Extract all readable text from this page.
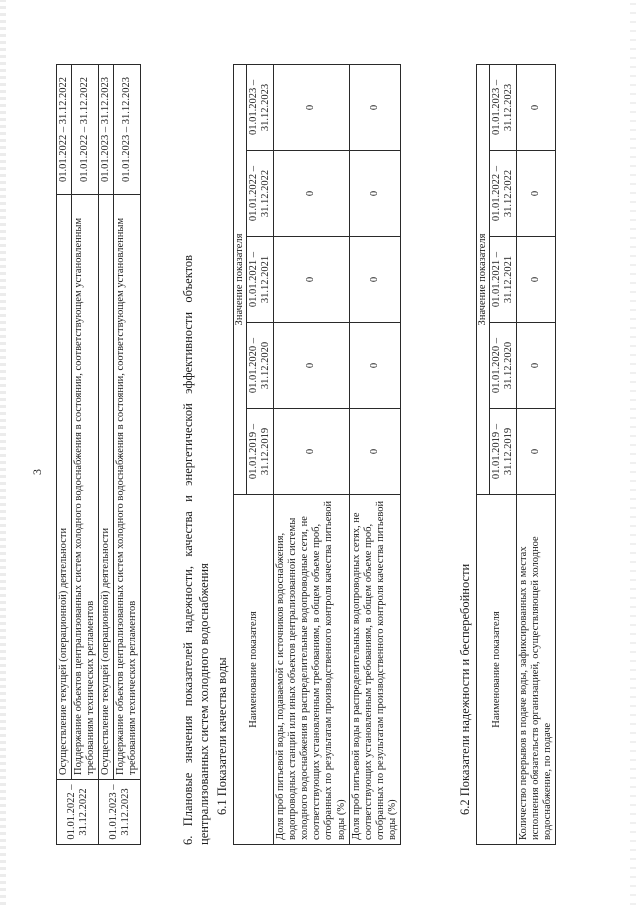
3
01.01.2022 – 31.12.2022	Осуществление текущей (операционной) деятельности	01.01.2022 – 31.12.2022
	Поддержание объектов централизованных систем холодного водоснабжения в состоянии, соответствующем установленным требованиям технических регламентов	01.01.2022 – 31.12.2022
01.01.2023 – 31.12.2023	Осуществление текущей (операционной) деятельности	01.01.2023 – 31.12.2023
	Поддержание объектов централизованных систем холодного водоснабжения в состоянии, соответствующем установленным требованиям технических регламентов	01.01.2023 – 31.12.2023
6.   Плановые   значения   показателей   надежности,   качества   и   энергетической   эффективности   объектов централизованных систем холодного водоснабжения 6.1 Показатели качества воды Наименование показателя	Значение показателя				
	01.01.2019 – 31.12.2019	01.01.2020 – 31.12.2020	01.01.2021 – 31.12.2021	01.01.2022 – 31.12.2022	01.01.2023 – 31.12.2023
Доля проб питьевой воды, подаваемой с источников водоснабжения, водопроводных станций или иных объектов централизованной системы холодного водоснабжения в распределительные водопроводные сети, не соответствующих установленным требованиям, в общем объеме проб, отобранных по результатам производственного контроля качества питьевой воды (%)	0	0	0	0	0
Доля проб питьевой воды в распределительных водопроводных сетях, не соответствующих установленным требованиям, в общем объеме проб, отобранных по результатам производственного контроля качества питьевой воды (%)	0	0	0	0	0
6.2 Показатели надежности и бесперебойности Наименование показателя	Значение показателя				
	01.01.2019 – 31.12.2019	01.01.2020 – 31.12.2020	01.01.2021 – 31.12.2021	01.01.2022 – 31.12.2022	01.01.2023 – 31.12.2023
Количество перерывов в подаче воды, зафиксированных в местах исполнения обязательств организацией, осуществляющей холодное водоснабжение, по подаче	0	0	0	0	0
